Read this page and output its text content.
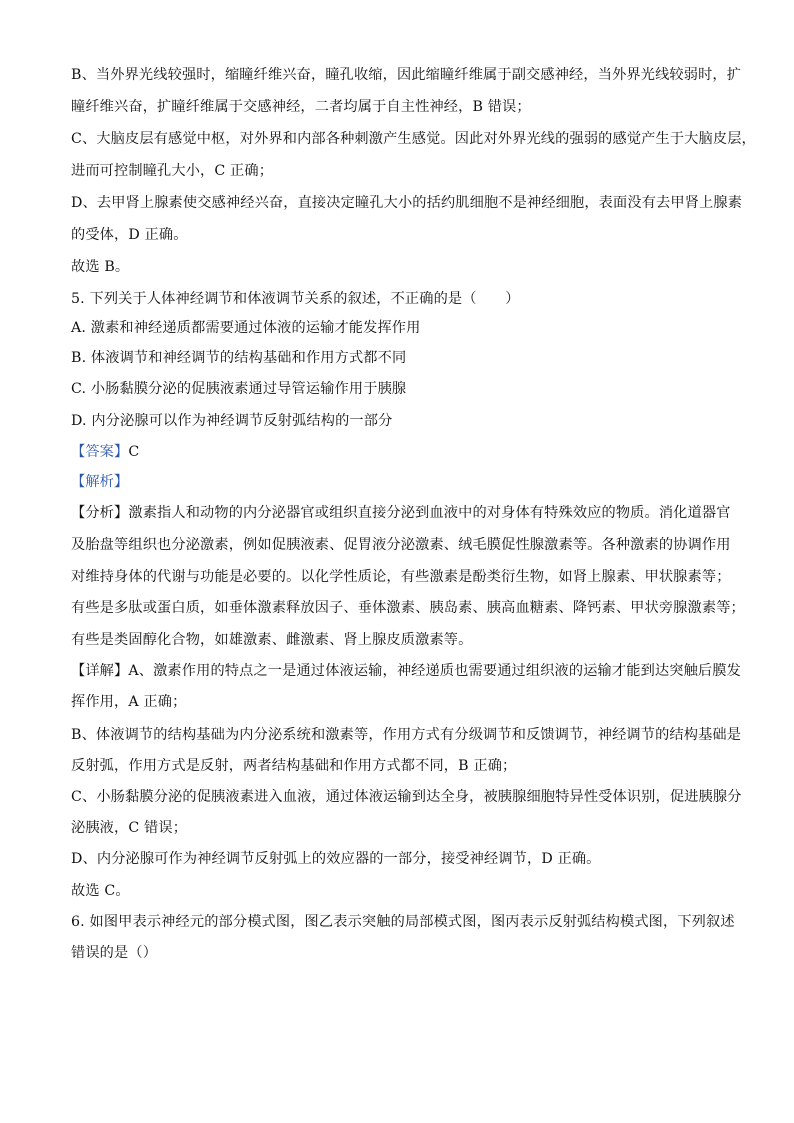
B、当外界光线较强时，缩瞳纤维兴奋，瞳孔收缩，因此缩瞳纤维属于副交感神经，当外界光线较弱时，扩
瞳纤维兴奋，扩瞳纤维属于交感神经，二者均属于自主性神经，B 错误；
C、大脑皮层有感觉中枢，对外界和内部各种刺激产生感觉。因此对外界光线的强弱的感觉产生于大脑皮层，
进而可控制瞳孔大小，C 正确；
D、去甲肾上腺素使交感神经兴奋，直接决定瞳孔大小的括约肌细胞不是神经细胞，表面没有去甲肾上腺素
的受体，D 正确。
故选 B。
5. 下列关于人体神经调节和体液调节关系的叙述，不正确的是（　　）
A. 激素和神经递质都需要通过体液的运输才能发挥作用
B. 体液调节和神经调节的结构基础和作用方式都不同
C. 小肠黏膜分泌的促胰液素通过导管运输作用于胰腺
D. 内分泌腺可以作为神经调节反射弧结构的一部分
【答案】C
【解析】
【分析】激素指人和动物的内分泌器官或组织直接分泌到血液中的对身体有特殊效应的物质。消化道器官
及胎盘等组织也分泌激素，例如促胰液素、促胃液分泌激素、绒毛膜促性腺激素等。各种激素的协调作用
对维持身体的代谢与功能是必要的。以化学性质论，有些激素是酚类衍生物，如肾上腺素、甲状腺素等；
有些是多肽或蛋白质，如垂体激素释放因子、垂体激素、胰岛素、胰高血糖素、降钙素、甲状旁腺激素等；
有些是类固醇化合物，如雄激素、雌激素、肾上腺皮质激素等。
【详解】A、激素作用的特点之一是通过体液运输，神经递质也需要通过组织液的运输才能到达突触后膜发
挥作用，A 正确；
B、体液调节的结构基础为内分泌系统和激素等，作用方式有分级调节和反馈调节，神经调节的结构基础是
反射弧，作用方式是反射，两者结构基础和作用方式都不同，B 正确；
C、小肠黏膜分泌的促胰液素进入血液，通过体液运输到达全身，被胰腺细胞特异性受体识别，促进胰腺分
泌胰液，C 错误；
D、内分泌腺可作为神经调节反射弧上的效应器的一部分，接受神经调节，D 正确。
故选 C。
6. 如图甲表示神经元的部分模式图，图乙表示突触的局部模式图，图丙表示反射弧结构模式图，下列叙述
错误的是（）
